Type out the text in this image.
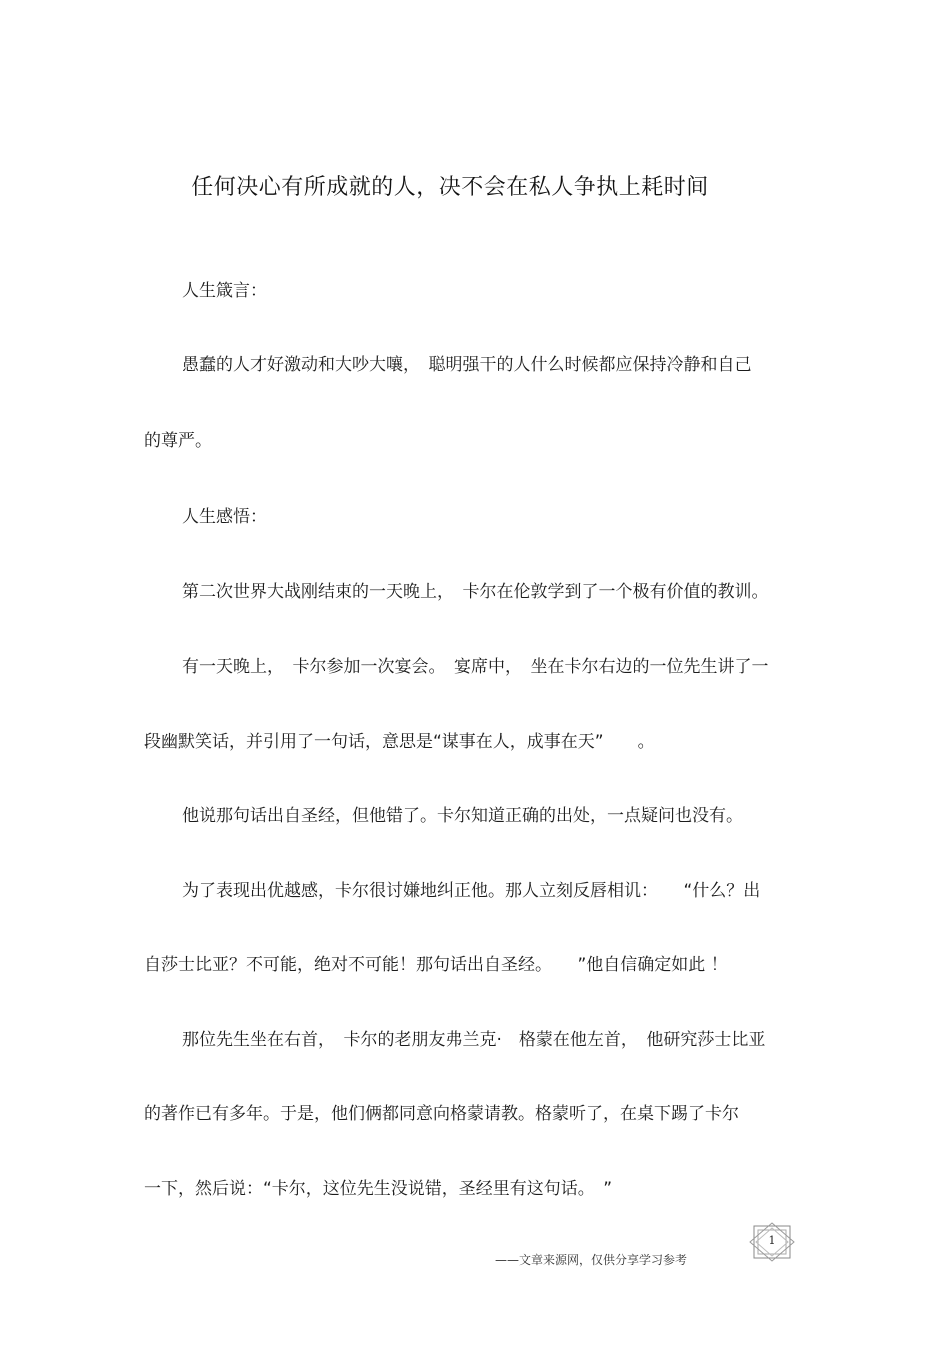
任何决心有所成就的人，决不会在私人争执上耗时间
人生箴言：
愚蠢的人才好激动和大吵大嚷，　聪明强干的人什么时候都应保持冷静和自己
的尊严。
人生感悟：
第二次世界大战刚结束的一天晚上，　卡尔在伦敦学到了一个极有价值的教训。
有一天晚上，　卡尔参加一次宴会。　宴席中，　坐在卡尔右边的一位先生讲了一
段幽默笑话，并引用了一句话，意思是“谋事在人，成事在天”　　。
他说那句话出自圣经，但他错了。卡尔知道正确的出处，一点疑问也没有。
为了表现出优越感，卡尔很讨嫌地纠正他。那人立刻反唇相讥：　　“什么？出
自莎士比亚？不可能，绝对不可能！那句话出自圣经。　　”他自信确定如此 ！
那位先生坐在右首，　卡尔的老朋友弗兰克·　格蒙在他左首，　他研究莎士比亚
的著作已有多年。于是，他们俩都同意向格蒙请教。格蒙听了，在桌下踢了卡尔
一下，然后说：“卡尔，这位先生没说错，圣经里有这句话。　”
——文章来源网，仅供分享学习参考
1
